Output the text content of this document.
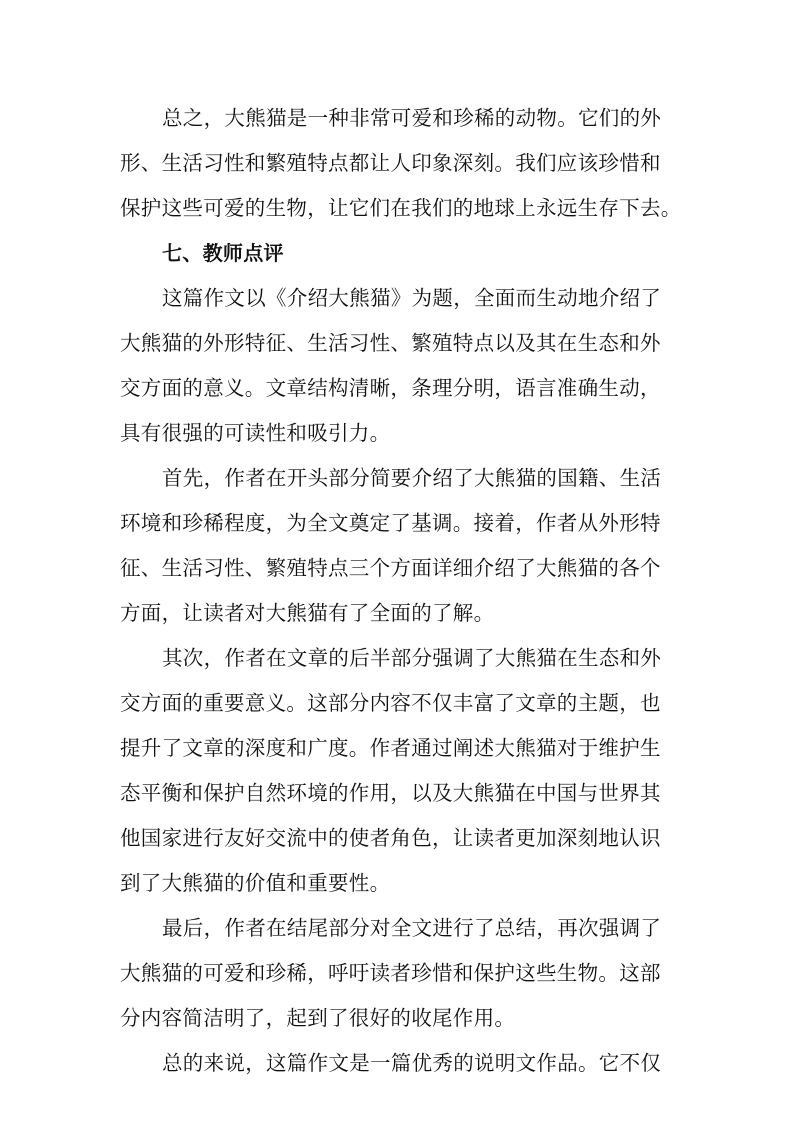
总之，大熊猫是一种非常可爱和珍稀的动物。它们的外
形、生活习性和繁殖特点都让人印象深刻。我们应该珍惜和
保护这些可爱的生物，让它们在我们的地球上永远生存下去。
七、教师点评
这篇作文以《介绍大熊猫》为题，全面而生动地介绍了
大熊猫的外形特征、生活习性、繁殖特点以及其在生态和外
交方面的意义。文章结构清晰，条理分明，语言准确生动，
具有很强的可读性和吸引力。
首先，作者在开头部分简要介绍了大熊猫的国籍、生活
环境和珍稀程度，为全文奠定了基调。接着，作者从外形特
征、生活习性、繁殖特点三个方面详细介绍了大熊猫的各个
方面，让读者对大熊猫有了全面的了解。
其次，作者在文章的后半部分强调了大熊猫在生态和外
交方面的重要意义。这部分内容不仅丰富了文章的主题，也
提升了文章的深度和广度。作者通过阐述大熊猫对于维护生
态平衡和保护自然环境的作用，以及大熊猫在中国与世界其
他国家进行友好交流中的使者角色，让读者更加深刻地认识
到了大熊猫的价值和重要性。
最后，作者在结尾部分对全文进行了总结，再次强调了
大熊猫的可爱和珍稀，呼吁读者珍惜和保护这些生物。这部
分内容简洁明了，起到了很好的收尾作用。
总的来说，这篇作文是一篇优秀的说明文作品。它不仅
